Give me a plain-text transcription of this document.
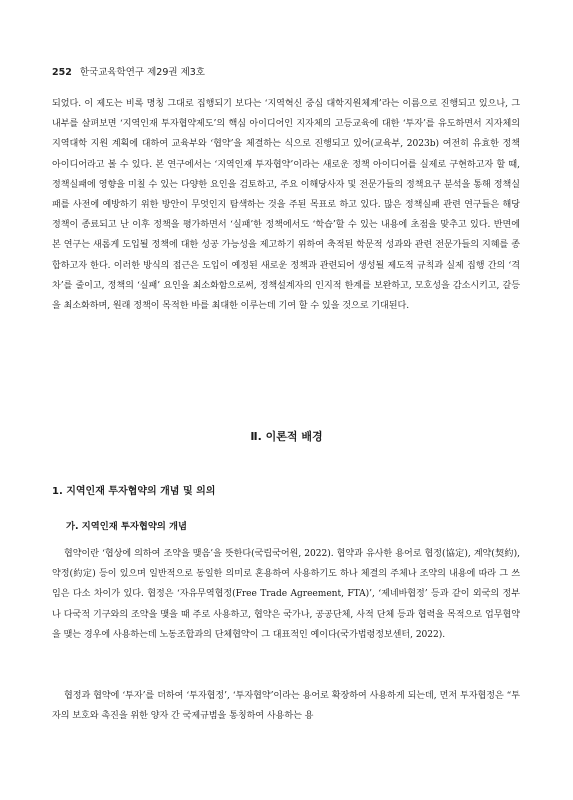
252 한국교육학연구 제29권 제3호

되었다. 이 제도는 비록 명칭 그대로 집행되기 보다는 ‘지역혁신 중심 대학지원체계’라는 이름으로 진행되고 있으나, 그 내부를 살펴보면 ‘지역인재 투자협약제도’의 핵심 아이디어인 지자체의 고등교육에 대한 ‘투자’를 유도하면서 지자체의 지역대학 지원 계획에 대하여 교육부와 ‘협약’을 체결하는 식으로 진행되고 있어(교육부, 2023b) 여전히 유효한 정책 아이디어라고 볼 수 있다. 본 연구에서는 ‘지역인재 투자협약’이라는 새로운 정책 아이디어를 실제로 구현하고자 할 때, 정책실패에 영향을 미칠 수 있는 다양한 요인을 검토하고, 주요 이해당사자 및 전문가들의 정책요구 분석을 통해 정책실패를 사전에 예방하기 위한 방안이 무엇인지 탐색하는 것을 주된 목표로 하고 있다. 많은 정책실패 관련 연구들은 해당 정책이 종료되고 난 이후 정책을 평가하면서 ‘실패’한 정책에서도 ‘학습’할 수 있는 내용에 초점을 맞추고 있다. 반면에 본 연구는 새롭게 도입될 정책에 대한 성공 가능성을 제고하기 위하여 축적된 학문적 성과와 관련 전문가들의 지혜를 종합하고자 한다. 이러한 방식의 접근은 도입이 예정된 새로운 정책과 관련되어 생성될 제도적 규칙과 실제 집행 간의 ‘격차’를 줄이고, 정책의 ‘실패’ 요인을 최소화함으로써, 정책설계자의 인지적 한계를 보완하고, 모호성을 감소시키고, 갈등을 최소화하며, 원래 정책이 목적한 바를 최대한 이루는데 기여 할 수 있을 것으로 기대된다.

Ⅱ. 이론적 배경
1. 지역인재 투자협약의 개념 및 의의
가. 지역인재 투자협약의 개념

협약이란 ‘협상에 의하여 조약을 맺음’을 뜻한다(국립국어원, 2022). 협약과 유사한 용어로 협정(協定), 계약(契約), 약정(約定) 등이 있으며 일반적으로 동일한 의미로 혼용하여 사용하기도 하나 체결의 주체나 조약의 내용에 따라 그 쓰임은 다소 차이가 있다. 협정은 ‘자유무역협정(Free Trade Agreement, FTA)’, ‘제네바협정’ 등과 같이 외국의 정부나 다국적 기구와의 조약을 맺을 때 주로 사용하고, 협약은 국가나, 공공단체, 사적 단체 등과 협력을 목적으로 업무협약을 맺는 경우에 사용하는데 노동조합과의 단체협약이 그 대표적인 예이다(국가법령정보센터, 2022).

협정과 협약에 ‘투자’를 더하여 ‘투자협정’, ‘투자협약’이라는 용어로 확장하여 사용하게 되는데, 먼저 투자협정은 “투자의 보호와 촉진을 위한 양자 간 국제규범을 통칭하여 사용하는 용
